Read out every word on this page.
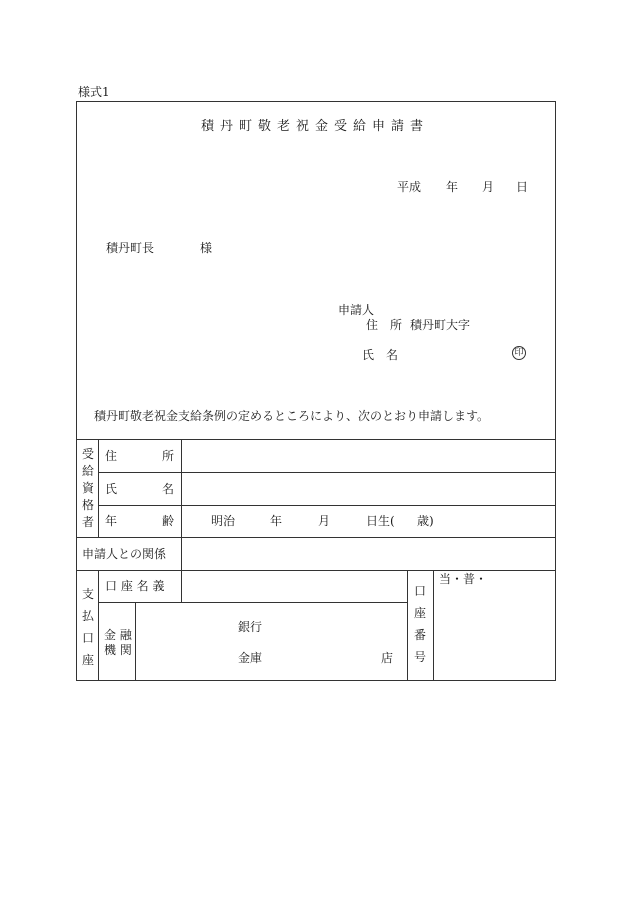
様式1
積丹町敬老祝金受給申請書
平成 年 月 日
積丹町長	様
申請人
住　所 積丹町大字
氏　名	印
積丹町敬老祝金支給条例の定めるところにより、次のとおり申請します。
受
給
資
格
者
住	所
氏	名
年	齢	明治	年	月	日生( 歳)
申請人との関係
支
払
口
座
口 座 名 義
金 融
機 関
銀行
金庫	店
口
座
番
号
当・普・
